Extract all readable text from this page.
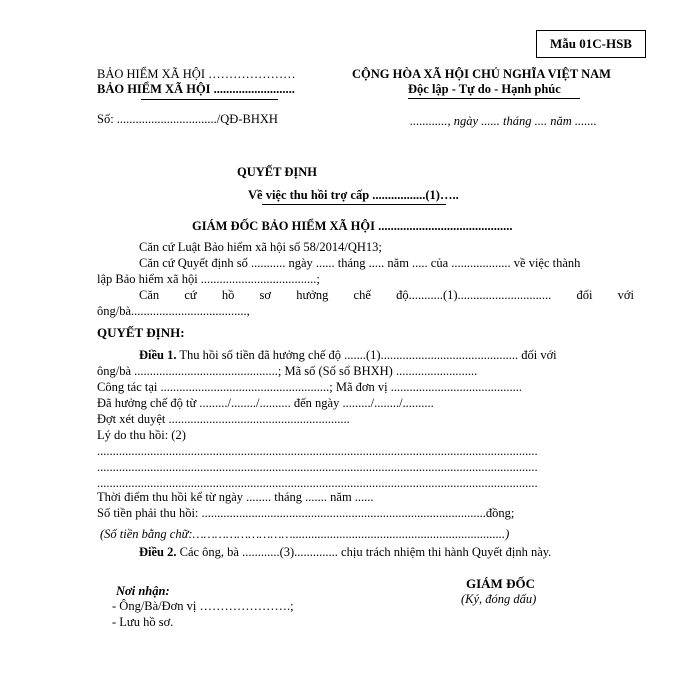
Mẫu 01C-HSB
BẢO HIỂM XÃ HỘI …………………
BẢO HIỂM XÃ HỘI ..........................
CỘNG HÒA XÃ HỘI CHỦ NGHĨA VIỆT NAM
Độc lập - Tự do - Hạnh phúc
Số: ................................/QĐ-BHXH	............, ngày ...... tháng .... năm .......
QUYẾT ĐỊNH
Về việc thu hồi trợ cấp .................(1)…..
GIÁM ĐỐC BẢO HIỂM XÃ HỘI ...........................................
Căn cứ Luật Bảo hiểm xã hội số 58/2014/QH13;
Căn cứ Quyết định số ........... ngày ...... tháng ..... năm ..... của ................... về việc thành
lập Bảo hiểm xã hội .....................................;
Căn cứ hồ sơ hưởng chế độ...........(1).............................. đối với
ông/bà.....................................,
QUYẾT ĐỊNH:
Điều 1. Thu hồi số tiền đã hưởng chế độ .......(1)............................................ đối với
ông/bà ..............................................; Mã số (Số sổ BHXH) ..........................
Công tác tại ......................................................; Mã đơn vị ..........................................
Đã hưởng chế độ từ ........./......../.......... đến ngày ........./......../..........
Đợt xét duyệt ..........................................................
Lý do thu hồi: (2)
.............................................................................................................................................
.............................................................................................................................................
.............................................................................................................................................
Thời điểm thu hồi kể từ ngày ........ tháng ....... năm ......
Số tiền phải thu hồi: ...........................................................................................đồng;
(Số tiền bằng chữ:………………………....................................................................)
Điều 2. Các ông, bà ............(3).............. chịu trách nhiệm thi hành Quyết định này.
Nơi nhận:
- Ông/Bà/Đơn vị ………………….;
- Lưu hồ sơ.
GIÁM ĐỐC
(Ký, đóng dấu)
